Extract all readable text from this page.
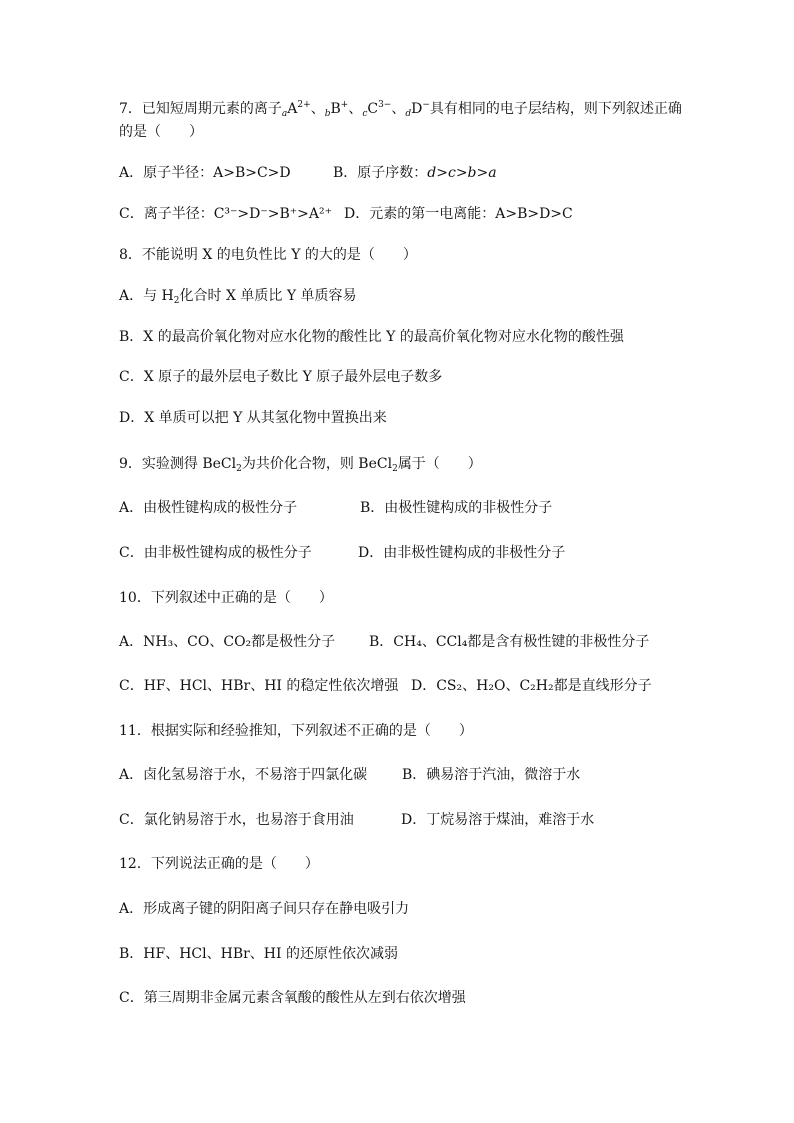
7．已知短周期元素的离子$_aA^{2+}$、$_b$B+、$_cC^{3-}$、$_d$D−具有相同的电子层结构，则下列叙述正确
的是（　　）
A．原子半径：A>B>C>D	B．原子序数：d>c>b>a
C．离子半径：C³⁻>D⁻>B⁺>A²⁺ D．元素的第一电离能：A>B>D>C
8．不能说明 X 的电负性比 Y 的大的是（　　）
A．与 $H_2$化合时 X 单质比 Y 单质容易
B．X 的最高价氧化物对应水化物的酸性比 Y 的最高价氧化物对应水化物的酸性强
C．X 原子的最外层电子数比 Y 原子最外层电子数多
D．X 单质可以把 Y 从其氢化物中置换出来
9．实验测得 BeCl$_2$为共价化合物，则 BeCl$_2$属于（　　）
A．由极性键构成的极性分子	B．由极性键构成的非极性分子
C．由非极性键构成的极性分子	D．由非极性键构成的非极性分子
10．下列叙述中正确的是（　　）
A．NH₃、CO、CO₂都是极性分子 B．CH₄、CCl₄都是含有极性键的非极性分子
C．HF、HCl、HBr、HI 的稳定性依次增强 D．CS₂、H₂O、C₂H₂都是直线形分子
11．根据实际和经验推知，下列叙述不正确的是（　　）
A．卤化氢易溶于水，不易溶于四氯化碳 B．碘易溶于汽油，微溶于水
C．氯化钠易溶于水，也易溶于食用油	D．丁烷易溶于煤油，难溶于水
12．下列说法正确的是（　　）
A．形成离子键的阴阳离子间只存在静电吸引力
B．HF、HCl、HBr、HI 的还原性依次减弱
C．第三周期非金属元素含氧酸的酸性从左到右依次增强
